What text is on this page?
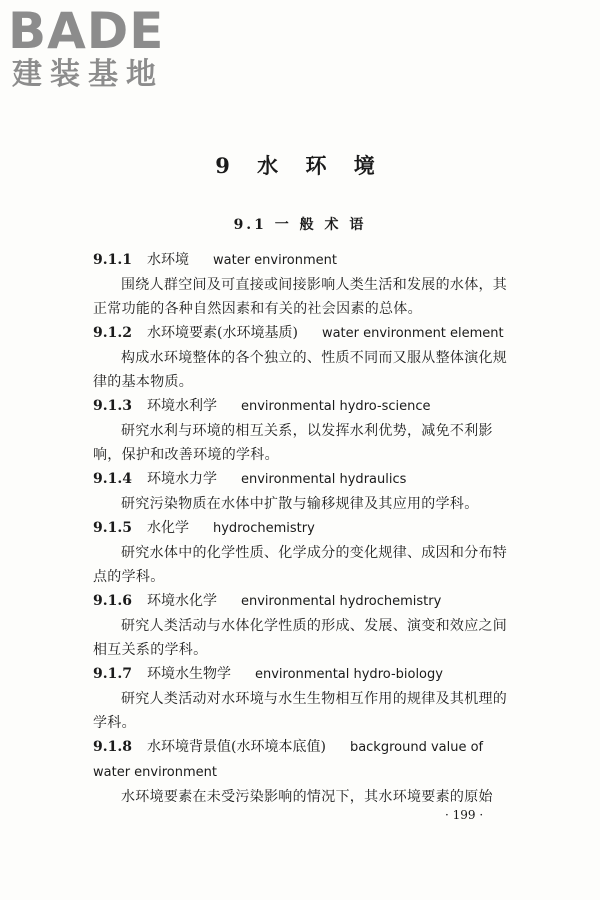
BADE
建装基地
9 水 环 境
9.1 一 般 术 语

9.1.1 水环境 water environment

围绕人群空间及可直接或间接影响人类生活和发展的水体，其正常功能的各种自然因素和有关的社会因素的总体。

9.1.2 水环境要素(水环境基质) water environment element

构成水环境整体的各个独立的、性质不同而又服从整体演化规律的基本物质。

9.1.3 环境水利学 environmental hydro-science

研究水利与环境的相互关系，以发挥水利优势，减免不利影响，保护和改善环境的学科。

9.1.4 环境水力学 environmental hydraulics

研究污染物质在水体中扩散与输移规律及其应用的学科。

9.1.5 水化学 hydrochemistry

研究水体中的化学性质、化学成分的变化规律、成因和分布特点的学科。

9.1.6 环境水化学 environmental hydrochemistry

研究人类活动与水体化学性质的形成、发展、演变和效应之间相互关系的学科。

9.1.7 环境水生物学 environmental hydro-biology

研究人类活动对水环境与水生生物相互作用的规律及其机理的学科。

9.1.8 水环境背景值(水环境本底值) background value of water environment

水环境要素在未受污染影响的情况下，其水环境要素的原始

· 199 ·
